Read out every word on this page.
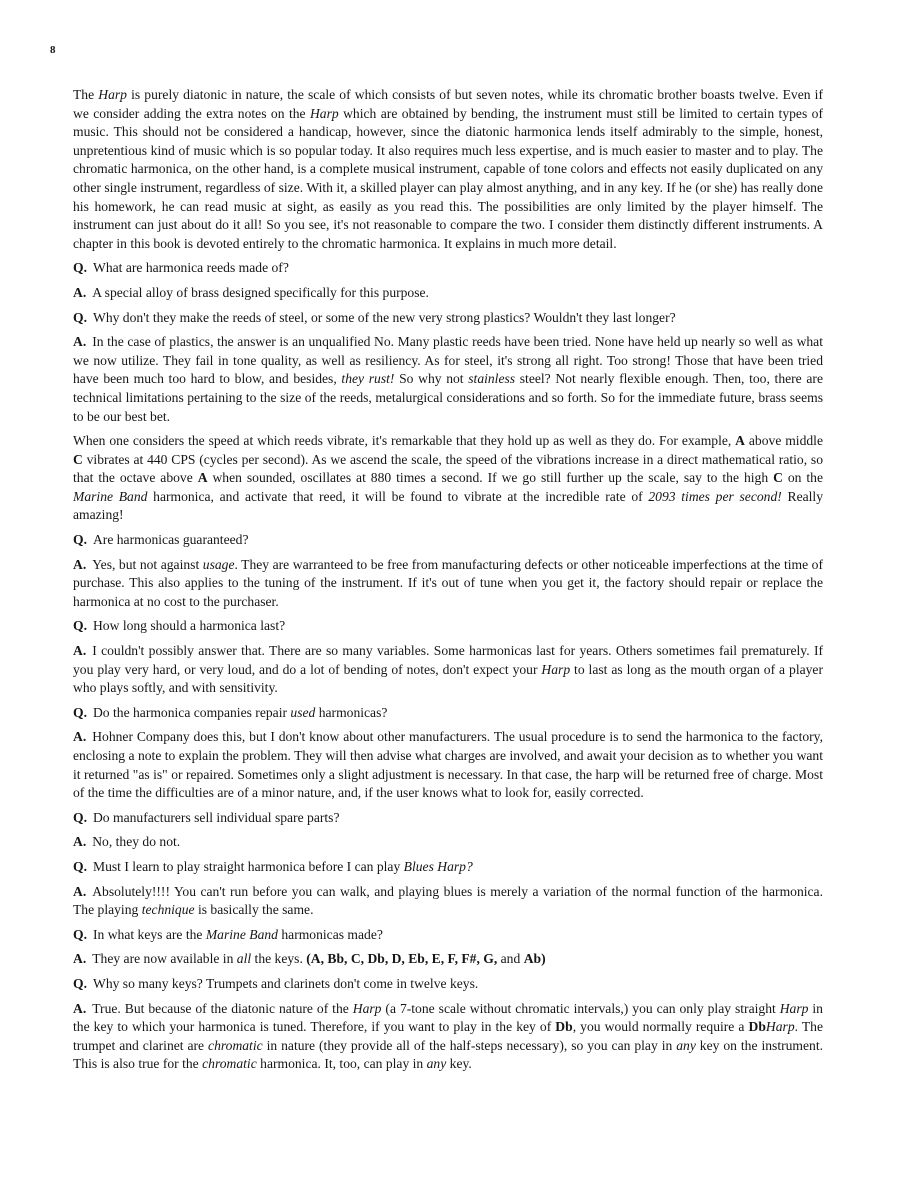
8

The Harp is purely diatonic in nature, the scale of which consists of but seven notes, while its chromatic brother boasts twelve. Even if we consider adding the extra notes on the Harp which are obtained by bending, the instrument must still be limited to certain types of music. This should not be considered a handicap, however, since the diatonic harmonica lends itself admirably to the simple, honest, unpretentious kind of music which is so popular today. It also requires much less expertise, and is much easier to master and to play. The chromatic harmonica, on the other hand, is a complete musical instrument, capable of tone colors and effects not easily duplicated on any other single instrument, regardless of size. With it, a skilled player can play almost anything, and in any key. If he (or she) has really done his homework, he can read music at sight, as easily as you read this. The possibilities are only limited by the player himself. The instrument can just about do it all! So you see, it's not reasonable to compare the two. I consider them distinctly different instruments. A chapter in this book is devoted entirely to the chromatic harmonica. It explains in much more detail.

Q. What are harmonica reeds made of?

A. A special alloy of brass designed specifically for this purpose.

Q. Why don't they make the reeds of steel, or some of the new very strong plastics? Wouldn't they last longer?

A. In the case of plastics, the answer is an unqualified No. Many plastic reeds have been tried. None have held up nearly so well as what we now utilize. They fail in tone quality, as well as resiliency. As for steel, it's strong all right. Too strong! Those that have been tried have been much too hard to blow, and besides, they rust! So why not stainless steel? Not nearly flexible enough. Then, too, there are technical limitations pertaining to the size of the reeds, metalurgical considerations and so forth. So for the immediate future, brass seems to be our best bet.

When one considers the speed at which reeds vibrate, it's remarkable that they hold up as well as they do. For example, A above middle C vibrates at 440 CPS (cycles per second). As we ascend the scale, the speed of the vibrations increase in a direct mathematical ratio, so that the octave above A when sounded, oscillates at 880 times a second. If we go still further up the scale, say to the high C on the Marine Band harmonica, and activate that reed, it will be found to vibrate at the incredible rate of 2093 times per second! Really amazing!

Q. Are harmonicas guaranteed?

A. Yes, but not against usage. They are warranteed to be free from manufacturing defects or other noticeable imperfections at the time of purchase. This also applies to the tuning of the instrument. If it's out of tune when you get it, the factory should repair or replace the harmonica at no cost to the purchaser.

Q. How long should a harmonica last?

A. I couldn't possibly answer that. There are so many variables. Some harmonicas last for years. Others sometimes fail prematurely. If you play very hard, or very loud, and do a lot of bending of notes, don't expect your Harp to last as long as the mouth organ of a player who plays softly, and with sensitivity.

Q. Do the harmonica companies repair used harmonicas?

A. Hohner Company does this, but I don't know about other manufacturers. The usual procedure is to send the harmonica to the factory, enclosing a note to explain the problem. They will then advise what charges are involved, and await your decision as to whether you want it returned "as is" or repaired. Sometimes only a slight adjustment is necessary. In that case, the harp will be returned free of charge. Most of the time the difficulties are of a minor nature, and, if the user knows what to look for, easily corrected.

Q. Do manufacturers sell individual spare parts?

A. No, they do not.

Q. Must I learn to play straight harmonica before I can play Blues Harp?

A. Absolutely!!!! You can't run before you can walk, and playing blues is merely a variation of the normal function of the harmonica. The playing technique is basically the same.

Q. In what keys are the Marine Band harmonicas made?

A. They are now available in all the keys. (A, Bb, C, Db, D, Eb, E, F, F#, G, and Ab)

Q. Why so many keys? Trumpets and clarinets don't come in twelve keys.

A. True. But because of the diatonic nature of the Harp (a 7-tone scale without chromatic intervals,) you can only play straight Harp in the key to which your harmonica is tuned. Therefore, if you want to play in the key of Db, you would normally require a DbHarp. The trumpet and clarinet are chromatic in nature (they provide all of the half-steps necessary), so you can play in any key on the instrument. This is also true for the chromatic harmonica. It, too, can play in any key.
